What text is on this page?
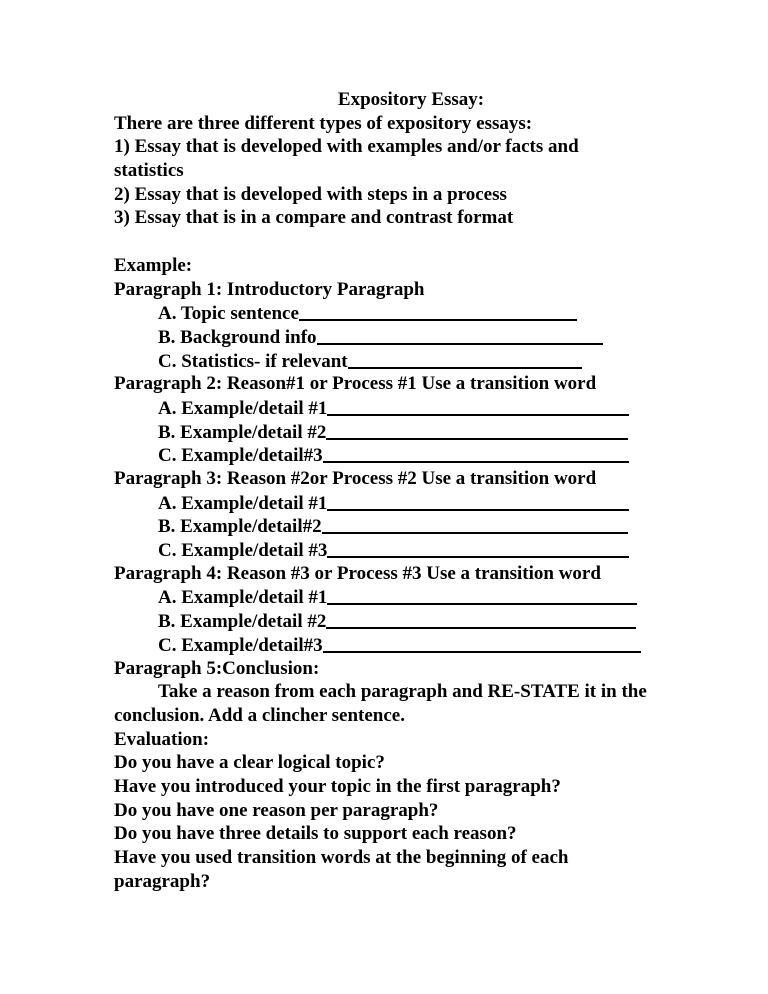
Expository Essay:
There are three different types of expository essays:
1) Essay that is developed with examples and/or facts and
statistics
2) Essay that is developed with steps in a process
3) Essay that is in a compare and contrast format
Example:
Paragraph 1: Introductory Paragraph
A. Topic sentence
B. Background info
C. Statistics- if relevant
Paragraph 2: Reason#1 or Process #1 Use a transition word
A. Example/detail #1
B. Example/detail #2
C. Example/detail#3
Paragraph 3: Reason #2or Process #2 Use a transition word
A. Example/detail #1
B. Example/detail#2
C. Example/detail #3
Paragraph 4: Reason #3 or Process #3 Use a transition word
A. Example/detail #1
B. Example/detail #2
C. Example/detail#3
Paragraph 5:Conclusion:
Take a reason from each paragraph and RE-STATE it in the conclusion. Add a clincher sentence.
Evaluation:
Do you have a clear logical topic?
Have you introduced your topic in the first paragraph?
Do you have one reason per paragraph?
Do you have three details to support each reason?
Have you used transition words at the beginning of each paragraph?
